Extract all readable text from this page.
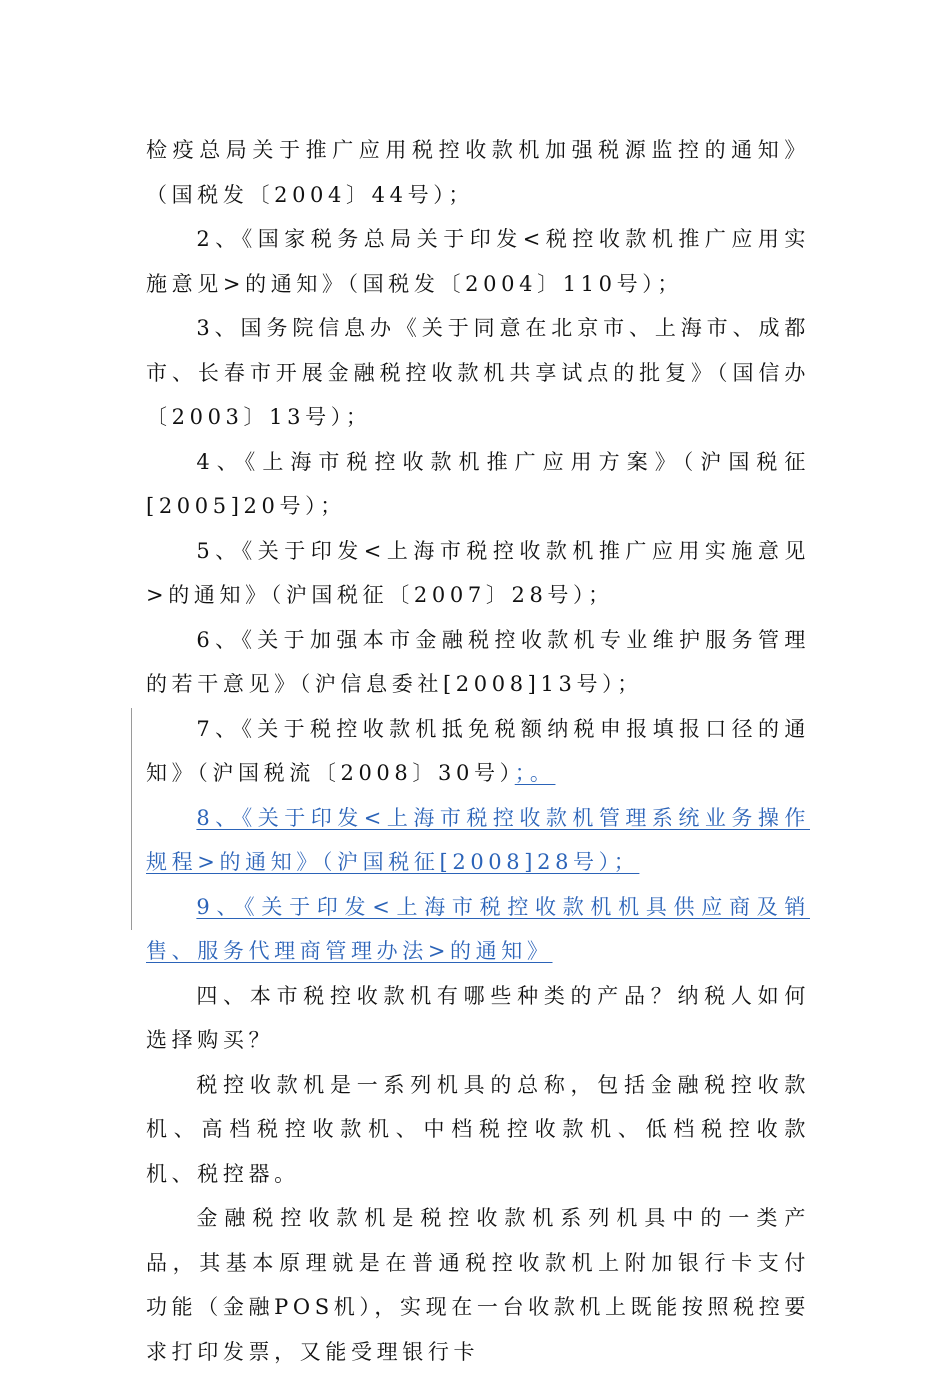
检疫总局关于推广应用税控收款机加强税源监控的通知》（国税发〔2004〕44号）；

2、《国家税务总局关于印发<税控收款机推广应用实施意见>的通知》（国税发〔2004〕110号）；

3、国务院信息办《关于同意在北京市、上海市、成都市、长春市开展金融税控收款机共享试点的批复》（国信办〔2003〕13号）；

4、《上海市税控收款机推广应用方案》（沪国税征[2005]20号）；

5、《关于印发<上海市税控收款机推广应用实施意见>的通知》（沪国税征〔2007〕28号）；

6、《关于加强本市金融税控收款机专业维护服务管理的若干意见》（沪信息委社[2008]13号）；

7、《关于税控收款机抵免税额纳税申报填报口径的通知》（沪国税流〔2008〕30号）；。

8、《关于印发<上海市税控收款机管理系统业务操作规程>的通知》（沪国税征[2008]28号）；

9、《关于印发<上海市税控收款机机具供应商及销售、服务代理商管理办法>的通知》

四、本市税控收款机有哪些种类的产品？纳税人如何选择购买？

税控收款机是一系列机具的总称，包括金融税控收款机、高档税控收款机、中档税控收款机、低档税控收款机、税控器。

金融税控收款机是税控收款机系列机具中的一类产品，其基本原理就是在普通税控收款机上附加银行卡支付功能（金融POS机），实现在一台收款机上既能按照税控要求打印发票，又能受理银行卡
